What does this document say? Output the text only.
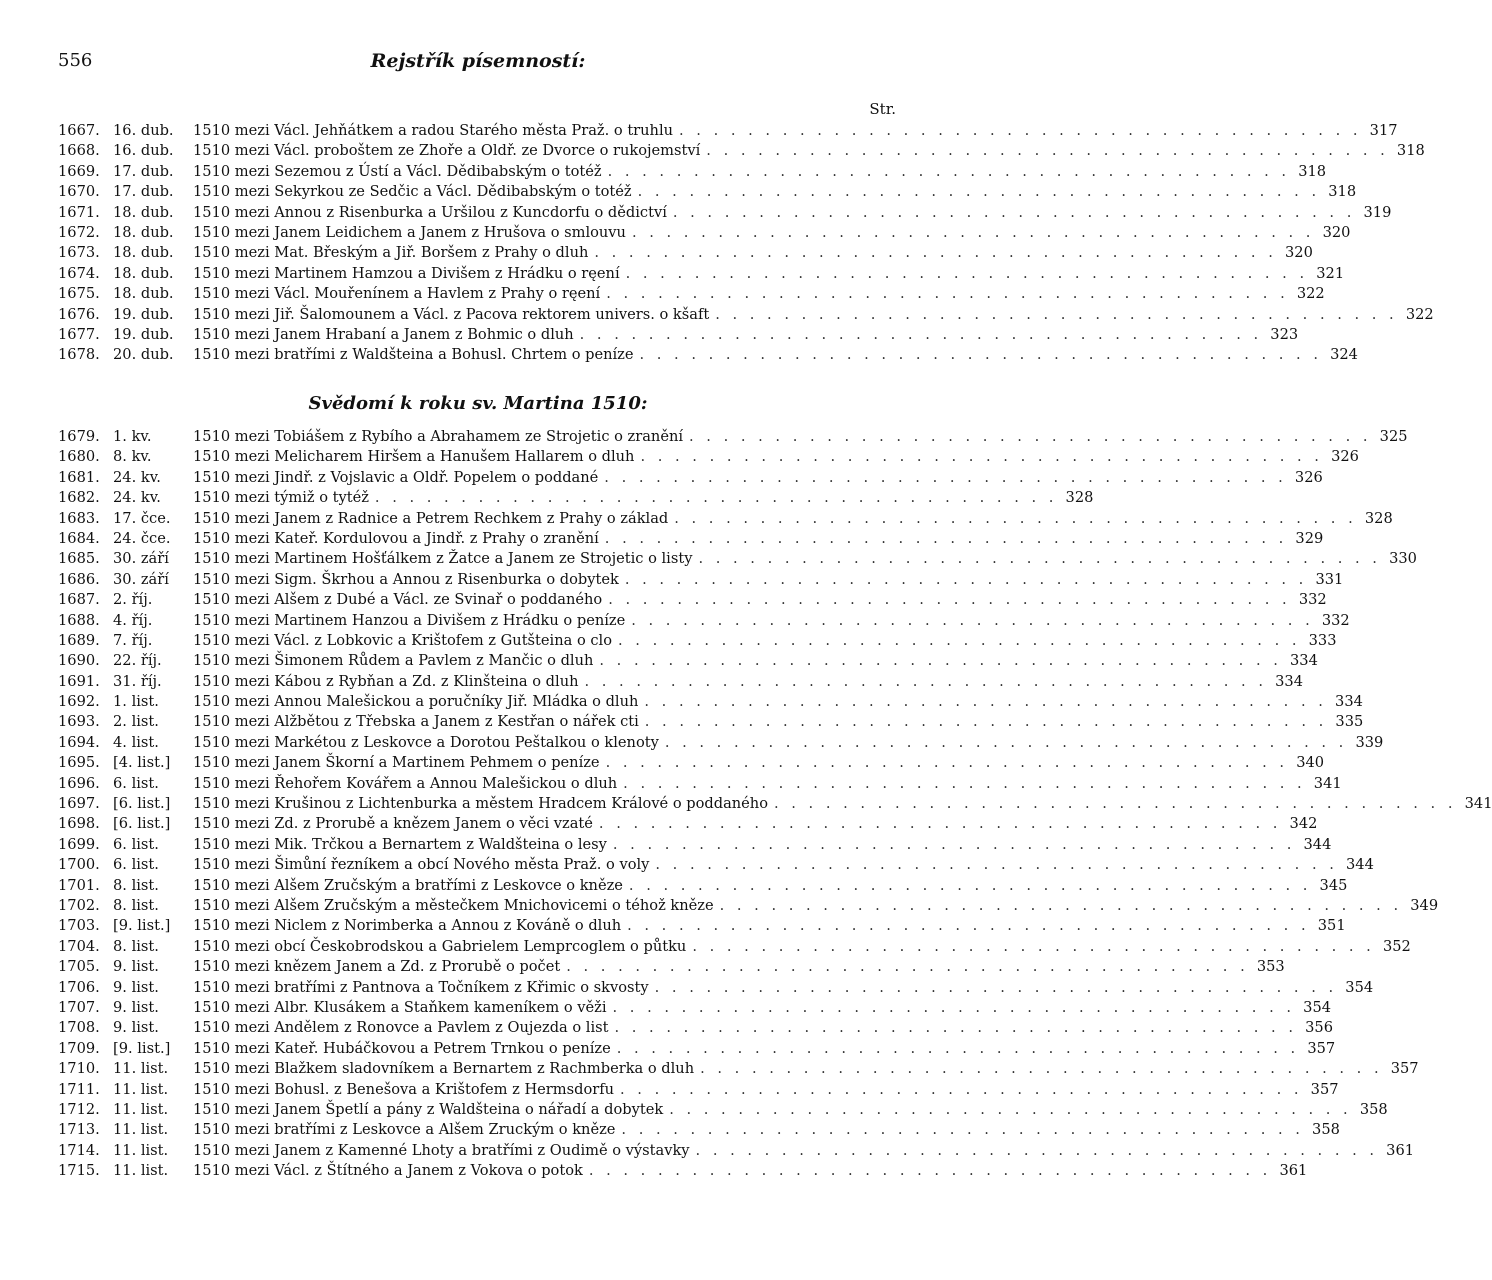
Rejstřík písemností:
556
Str.
1667. 16. dub.	1510 mezi Václ. Jehňátkem a radou Starého města Praž. o truhlu . . . . . . . . . . . . . . . . . . . . . . . . . . . . . . . . . . . . . . . . 317
1668. 16. dub.	1510 mezi Václ. proboštem ze Zhoře a Oldř. ze Dvorce o rukojemství . . . . . . . . . . . . . . . . . . . . . . . . . . . . . . . . . . . . . . . . 318
1669. 17. dub.	1510 mezi Sezemou z Ústí a Václ. Dědibabským o totéž . . . . . . . . . . . . . . . . . . . . . . . . . . . . . . . . . . . . . . . . 318
1670. 17. dub.	1510 mezi Sekyrkou ze Sedčic a Václ. Dědibabským o totéž . . . . . . . . . . . . . . . . . . . . . . . . . . . . . . . . . . . . . . . . 318
1671. 18. dub.	1510 mezi Annou z Risenburka a Uršilou z Kuncdorfu o dědictví . . . . . . . . . . . . . . . . . . . . . . . . . . . . . . . . . . . . . . . . 319
1672. 18. dub.	1510 mezi Janem Leidichem a Janem z Hrušova o smlouvu . . . . . . . . . . . . . . . . . . . . . . . . . . . . . . . . . . . . . . . . 320
1673. 18. dub.	1510 mezi Mat. Břeským a Jiř. Boršem z Prahy o dluh . . . . . . . . . . . . . . . . . . . . . . . . . . . . . . . . . . . . . . . . 320
1674. 18. dub.	1510 mezi Martinem Hamzou a Divišem z Hrádku o ręení . . . . . . . . . . . . . . . . . . . . . . . . . . . . . . . . . . . . . . . . 321
1675. 18. dub.	1510 mezi Václ. Mouřenínem a Havlem z Prahy o ręení . . . . . . . . . . . . . . . . . . . . . . . . . . . . . . . . . . . . . . . . 322
1676. 19. dub.	1510 mezi Jiř. Šalomounem a Václ. z Pacova rektorem univers. o kšaft . . . . . . . . . . . . . . . . . . . . . . . . . . . . . . . . . . . . . . . . 322
1677. 19. dub.	1510 mezi Janem Hrabaní a Janem z Bohmic o dluh . . . . . . . . . . . . . . . . . . . . . . . . . . . . . . . . . . . . . . . . 323
1678. 20. dub.	1510 mezi bratřími z Waldšteina a Bohusl. Chrtem o peníze . . . . . . . . . . . . . . . . . . . . . . . . . . . . . . . . . . . . . . . . 324
Svědomí k roku sv. Martina 1510:
1679. 1. kv.	1510 mezi Tobiášem z Rybího a Abrahamem ze Strojetic o zranění . . . . . . . . . . . . . . . . . . . . . . . . . . . . . . . . . . . . . . . . 325
1680. 8. kv.	1510 mezi Melicharem Hiršem a Hanušem Hallarem o dluh . . . . . . . . . . . . . . . . . . . . . . . . . . . . . . . . . . . . . . . . 326
1681. 24. kv.	1510 mezi Jindř. z Vojslavic a Oldř. Popelem o poddané . . . . . . . . . . . . . . . . . . . . . . . . . . . . . . . . . . . . . . . . 326
1682. 24. kv.	1510 mezi týmiž o tytéž . . . . . . . . . . . . . . . . . . . . . . . . . . . . . . . . . . . . . . . . 328
1683. 17. čce.	1510 mezi Janem z Radnice a Petrem Rechkem z Prahy o základ . . . . . . . . . . . . . . . . . . . . . . . . . . . . . . . . . . . . . . . . 328
1684. 24. čce.	1510 mezi Kateř. Kordulovou a Jindř. z Prahy o zranění . . . . . . . . . . . . . . . . . . . . . . . . . . . . . . . . . . . . . . . . 329
1685. 30. září	1510 mezi Martinem Hošťálkem z Žatce a Janem ze Strojetic o listy . . . . . . . . . . . . . . . . . . . . . . . . . . . . . . . . . . . . . . . . 330
1686. 30. září	1510 mezi Sigm. Škrhou a Annou z Risenburka o dobytek . . . . . . . . . . . . . . . . . . . . . . . . . . . . . . . . . . . . . . . . 331
1687. 2. říj.	1510 mezi Alšem z Dubé a Václ. ze Svinař o poddaného . . . . . . . . . . . . . . . . . . . . . . . . . . . . . . . . . . . . . . . . 332
1688. 4. říj.	1510 mezi Martinem Hanzou a Divišem z Hrádku o peníze . . . . . . . . . . . . . . . . . . . . . . . . . . . . . . . . . . . . . . . . 332
1689. 7. říj.	1510 mezi Václ. z Lobkovic a Krištofem z Gutšteina o clo . . . . . . . . . . . . . . . . . . . . . . . . . . . . . . . . . . . . . . . . 333
1690. 22. říj.	1510 mezi Šimonem Růdem a Pavlem z Mančic o dluh . . . . . . . . . . . . . . . . . . . . . . . . . . . . . . . . . . . . . . . . 334
1691. 31. říj.	1510 mezi Kábou z Rybňan a Zd. z Klinšteina o dluh . . . . . . . . . . . . . . . . . . . . . . . . . . . . . . . . . . . . . . . . 334
1692. 1. list.	1510 mezi Annou Malešickou a poručníky Jiř. Mládka o dluh . . . . . . . . . . . . . . . . . . . . . . . . . . . . . . . . . . . . . . . . 334
1693. 2. list.	1510 mezi Alžbětou z Třebska a Janem z Kestřan o nářek cti . . . . . . . . . . . . . . . . . . . . . . . . . . . . . . . . . . . . . . . . 335
1694. 4. list.	1510 mezi Markétou z Leskovce a Dorotou Peštalkou o klenoty . . . . . . . . . . . . . . . . . . . . . . . . . . . . . . . . . . . . . . . . 339
1695. [4. list.]	1510 mezi Janem Škorní a Martinem Pehmem o peníze . . . . . . . . . . . . . . . . . . . . . . . . . . . . . . . . . . . . . . . . 340
1696. 6. list.	1510 mezi Řehořem Kovářem a Annou Malešickou o dluh . . . . . . . . . . . . . . . . . . . . . . . . . . . . . . . . . . . . . . . . 341
1697. [6. list.]	1510 mezi Krušinou z Lichtenburka a městem Hradcem Králové o poddaného . . . . . . . . . . . . . . . . . . . . . . . . . . . . . . . . . . . . . . . . 341
1698. [6. list.]	1510 mezi Zd. z Prorubě a knězem Janem o věci vzaté . . . . . . . . . . . . . . . . . . . . . . . . . . . . . . . . . . . . . . . . 342
1699. 6. list.	1510 mezi Mik. Trčkou a Bernartem z Waldšteina o lesy . . . . . . . . . . . . . . . . . . . . . . . . . . . . . . . . . . . . . . . . 344
1700. 6. list.	1510 mezi Šimůní řezníkem a obcí Nového města Praž. o voly . . . . . . . . . . . . . . . . . . . . . . . . . . . . . . . . . . . . . . . . 344
1701. 8. list.	1510 mezi Alšem Zručským a bratřími z Leskovce o kněze . . . . . . . . . . . . . . . . . . . . . . . . . . . . . . . . . . . . . . . . 345
1702. 8. list.	1510 mezi Alšem Zručským a městečkem Mnichovicemi o téhož kněze . . . . . . . . . . . . . . . . . . . . . . . . . . . . . . . . . . . . . . . . 349
1703. [9. list.]	1510 mezi Niclem z Norimberka a Annou z Kováně o dluh . . . . . . . . . . . . . . . . . . . . . . . . . . . . . . . . . . . . . . . . 351
1704. 8. list.	1510 mezi obcí Českobrodskou a Gabrielem Lemprcoglem o půtku . . . . . . . . . . . . . . . . . . . . . . . . . . . . . . . . . . . . . . . . 352
1705. 9. list.	1510 mezi knězem Janem a Zd. z Prorubě o počet . . . . . . . . . . . . . . . . . . . . . . . . . . . . . . . . . . . . . . . . 353
1706. 9. list.	1510 mezi bratřími z Pantnova a Točníkem z Křimic o skvosty . . . . . . . . . . . . . . . . . . . . . . . . . . . . . . . . . . . . . . . . 354
1707. 9. list.	1510 mezi Albr. Klusákem a Staňkem kameníkem o věži . . . . . . . . . . . . . . . . . . . . . . . . . . . . . . . . . . . . . . . . 354
1708. 9. list.	1510 mezi Andělem z Ronovce a Pavlem z Oujezda o list . . . . . . . . . . . . . . . . . . . . . . . . . . . . . . . . . . . . . . . . 356
1709. [9. list.]	1510 mezi Kateř. Hubáčkovou a Petrem Trnkou o peníze . . . . . . . . . . . . . . . . . . . . . . . . . . . . . . . . . . . . . . . . 357
1710. 11. list.	1510 mezi Blažkem sladovníkem a Bernartem z Rachmberka o dluh . . . . . . . . . . . . . . . . . . . . . . . . . . . . . . . . . . . . . . . . 357
1711. 11. list.	1510 mezi Bohusl. z Benešova a Krištofem z Hermsdorfu . . . . . . . . . . . . . . . . . . . . . . . . . . . . . . . . . . . . . . . . 357
1712. 11. list.	1510 mezi Janem Špetlí a pány z Waldšteina o nářadí a dobytek . . . . . . . . . . . . . . . . . . . . . . . . . . . . . . . . . . . . . . . . 358
1713. 11. list.	1510 mezi bratřími z Leskovce a Alšem Zruckým o kněze . . . . . . . . . . . . . . . . . . . . . . . . . . . . . . . . . . . . . . . . 358
1714. 11. list.	1510 mezi Janem z Kamenné Lhoty a bratřími z Oudimě o výstavky . . . . . . . . . . . . . . . . . . . . . . . . . . . . . . . . . . . . . . . . 361
1715. 11. list.	1510 mezi Václ. z Štítného a Janem z Vokova o potok . . . . . . . . . . . . . . . . . . . . . . . . . . . . . . . . . . . . . . . . 361
